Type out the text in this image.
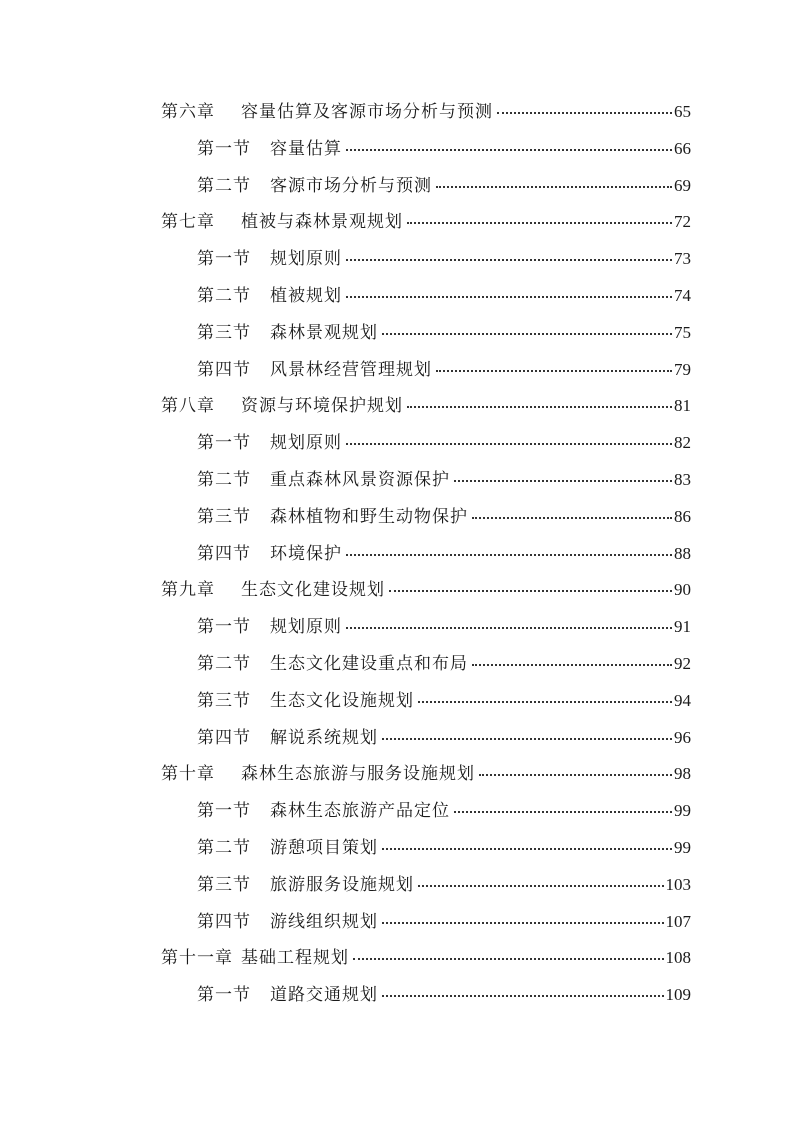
第六章 容量估算及客源市场分析与预测	65
第一节 容量估算	66
第二节 客源市场分析与预测	69
第七章 植被与森林景观规划	72
第一节 规划原则	73
第二节 植被规划	74
第三节 森林景观规划	75
第四节 风景林经营管理规划	79
第八章 资源与环境保护规划	81
第一节 规划原则	82
第二节 重点森林风景资源保护	83
第三节 森林植物和野生动物保护	86
第四节 环境保护	88
第九章 生态文化建设规划	90
第一节 规划原则	91
第二节 生态文化建设重点和布局	92
第三节 生态文化设施规划	94
第四节 解说系统规划	96
第十章 森林生态旅游与服务设施规划	98
第一节 森林生态旅游产品定位	99
第二节 游憩项目策划	99
第三节 旅游服务设施规划	103
第四节 游线组织规划	107
第十一章 基础工程规划	108
第一节 道路交通规划	109
